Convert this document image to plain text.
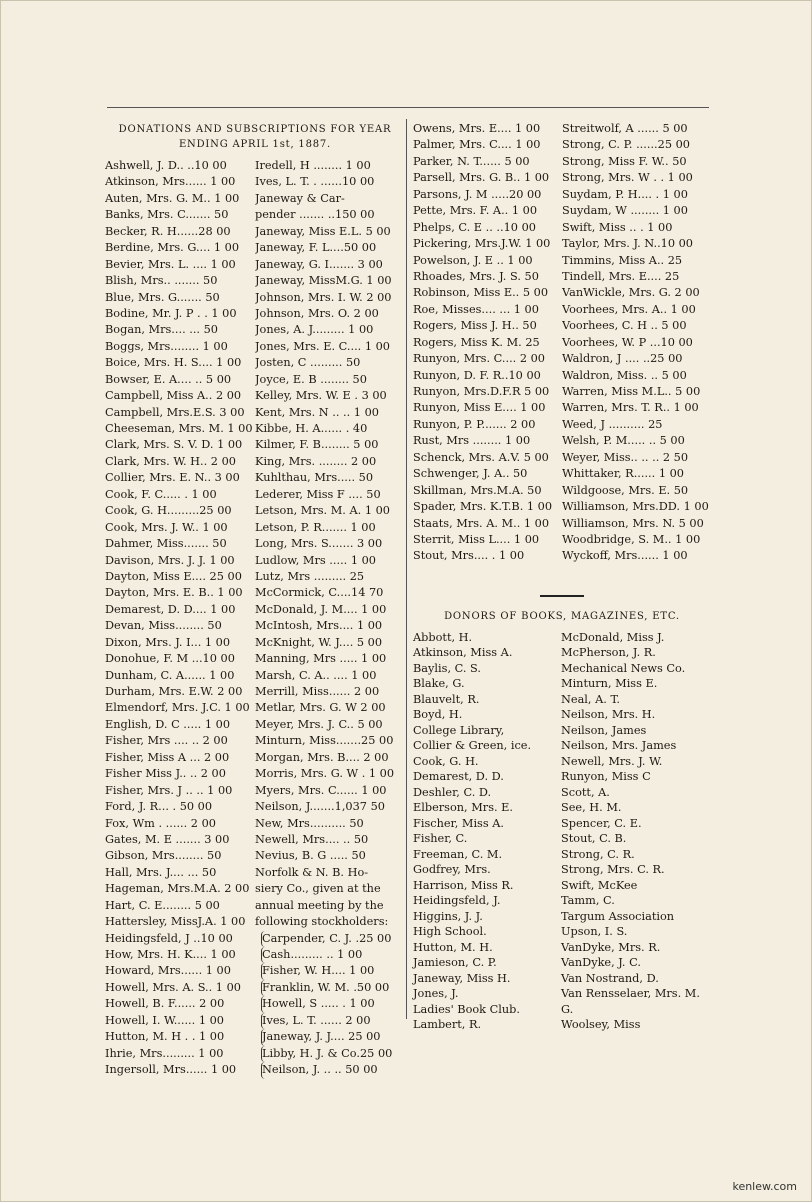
DONATIONS AND SUBSCRIPTIONS FOR YEAR ENDING APRIL 1st, 1887.
Ashwell, J. D.. ..10 00	Iredell, H ........ 1 00
Atkinson, Mrs...... 1 00	Ives, L. T. . ......10 00
Auten, Mrs. G. M.. 1 00	Janeway & Car-
Banks, Mrs. C....... 50	pender ....... ..150 00
Becker, R. H......28 00	Janeway, Miss E.L. 5 00
Berdine, Mrs. G.... 1 00	Janeway, F. L....50 00
Bevier, Mrs. L. .... 1 00	Janeway, G. I....... 3 00
Blish, Mrs.. ....... 50	Janeway, MissM.G. 1 00
Blue, Mrs. G....... 50	Johnson, Mrs. I. W. 2 00
Bodine, Mr. J. P . . 1 00	Johnson, Mrs. O. 2 00
Bogan, Mrs.... ... 50	Jones, A. J......... 1 00
Boggs, Mrs........ 1 00	Jones, Mrs. E. C.... 1 00
Boice, Mrs. H. S.... 1 00	Josten, C ......... 50
Bowser, E. A.... .. 5 00	Joyce, E. B ........ 50
Campbell, Miss A.. 2 00	Kelley, Mrs. W. E . 3 00
Campbell, Mrs.E.S. 3 00 Kent, Mrs. N .. .. 1 00
Cheeseman, Mrs. M. 1 00 Kibbe, H. A...... . 40
Clark, Mrs. S. V. D. 1 00	Kilmer, F. B........ 5 00
Clark, Mrs. W. H.. 2 00	King, Mrs. ........ 2 00
Collier, Mrs. E. N.. 3 00	Kuhlthau, Mrs..... 50
Cook, F. C..... . 1 00	Lederer, Miss F .... 50
Cook, G. H.........25 00	Letson, Mrs. M. A. 1 00
Cook, Mrs. J. W.. 1 00	Letson, P. R....... 1 00
Dahmer, Miss....... 50	Long, Mrs. S....... 3 00
Davison, Mrs. J. J. 1 00	Ludlow, Mrs ..... 1 00
Dayton, Miss E.... 25 00	Lutz, Mrs ......... 25
Dayton, Mrs. E. B.. 1 00	McCormick, C....14 70
Demarest, D. D.... 1 00	McDonald, J. M.... 1 00
Devan, Miss........ 50	McIntosh, Mrs.... 1 00
Dixon, Mrs. J. I... 1 00	McKnight, W. J.... 5 00
Donohue, F. M ...10 00	Manning, Mrs ..... 1 00
Dunham, C. A...... 1 00	Marsh, C. A.. .... 1 00
Durham, Mrs. E.W. 2 00	Merrill, Miss...... 2 00
Elmendorf, Mrs. J.C. 1 00 Metlar, Mrs. G. W 2 00
English, D. C ..... 1 00	Meyer, Mrs. J. C.. 5 00
Fisher, Mrs .... .. 2 00	Minturn, Miss.......25 00
Fisher, Miss A ... 2 00	Morgan, Mrs. B.... 2 00
Fisher Miss J.. .. 2 00	Morris, Mrs. G. W . 1 00
Fisher, Mrs. J .. .. 1 00	Myers, Mrs. C...... 1 00
Ford, J. R... . 50 00	Neilson, J.......1,037 50
Fox, Wm . ...... 2 00	New, Mrs.......... 50
Gates, M. E ....... 3 00	Newell, Mrs.... .. 50
Gibson, Mrs........ 50	Nevius, B. G ..... 50
Hall, Mrs. J.... ... 50	Norfolk & N. B. Ho-
Hageman, Mrs.M.A. 2 00 siery Co., given at the
Hart, C. E........ 5 00	annual meeting by the
Hattersley, MissJ.A. 1 00 following stockholders:
Heidingsfeld, J ..10 00	Carpender, C. J. .25 00
How, Mrs. H. K.... 1 00	Cash......... .. 1 00
Howard, Mrs...... 1 00	Fisher, W. H.... 1 00
Howell, Mrs. A. S.. 1 00	Franklin, W. M. .50 00
Howell, B. F...... 2 00	Howell, S ..... . 1 00
Howell, I. W...... 1 00	Ives, L. T. ...... 2 00
Hutton, M. H . . 1 00	Janeway, J. J.... 25 00
Ihrie, Mrs......... 1 00	Libby, H. J. & Co.25 00
Ingersoll, Mrs...... 1 00	Neilson, J. .. .. 50 00
Owens, Mrs. E.... 1 00	Streitwolf, A ...... 5 00
Palmer, Mrs. C.... 1 00	Strong, C. P. ......25 00
Parker, N. T...... 5 00	Strong, Miss F. W.. 50
Parsell, Mrs. G. B.. 1 00	Strong, Mrs. W . . 1 00
Parsons, J. M .....20 00	Suydam, P. H.... . 1 00
Pette, Mrs. F. A.. 1 00	Suydam, W ........ 1 00
Phelps, C. E .. ..10 00	Swift, Miss .. . 1 00
Pickering, Mrs.J.W. 1 00	Taylor, Mrs. J. N..10 00
Powelson, J. E .. 1 00	Timmins, Miss A.. 25
Rhoades, Mrs. J. S. 50	Tindell, Mrs. E.... 25
Robinson, Miss E.. 5 00	VanWickle, Mrs. G. 2 00
Roe, Misses.... ... 1 00	Voorhees, Mrs. A.. 1 00
Rogers, Miss J. H.. 50	Voorhees, C. H .. 5 00
Rogers, Miss K. M. 25	Voorhees, W. P ...10 00
Runyon, Mrs. C.... 2 00	Waldron, J .... ..25 00
Runyon, D. F. R..10 00	Waldron, Miss. .. 5 00
Runyon, Mrs.D.F.R 5 00	Warren, Miss M.L.. 5 00
Runyon, Miss E.... 1 00	Warren, Mrs. T. R.. 1 00
Runyon, P. P....... 2 00	Weed, J .......... 25
Rust, Mrs ........ 1 00	Welsh, P. M..... .. 5 00
Schenck, Mrs. A.V. 5 00	Weyer, Miss.. .. .. 2 50
Schwenger, J. A.. 50	Whittaker, R...... 1 00
Skillman, Mrs.M.A. 50	Wildgoose, Mrs. E. 50
Spader, Mrs. K.T.B. 1 00 Williamson, Mrs.DD. 1 00
Staats, Mrs. A. M.. 1 00	Williamson, Mrs. N. 5 00
Sterrit, Miss L.... 1 00	Woodbridge, S. M.. 1 00
Stout, Mrs.... . 1 00	Wyckoff, Mrs...... 1 00
DONORS OF BOOKS, MAGAZINES, ETC.
Abbott, H.	McDonald, Miss J.
Atkinson, Miss A.	McPherson, J. R.
Baylis, C. S.	Mechanical News Co.
Blake, G.	Minturn, Miss E.
Blauvelt, R.	Neal, A. T.
Boyd, H.	Neilson, Mrs. H.
College Library,	Neilson, James
Collier & Green, ice.	Neilson, Mrs. James
Cook, G. H.	Newell, Mrs. J. W.
Demarest, D. D.	Runyon, Miss C
Deshler, C. D.	Scott, A.
Elberson, Mrs. E.	See, H. M.
Fischer, Miss A.	Spencer, C. E.
Fisher, C.	Stout, C. B.
Freeman, C. M.	Strong, C. R.
Godfrey, Mrs.	Strong, Mrs. C. R.
Harrison, Miss R.	Swift, McKee
Heidingsfeld, J.	Tamm, C.
Higgins, J. J.	Targum Association
High School.	Upson, I. S.
Hutton, M. H.	VanDyke, Mrs. R.
Jamieson, C. P.	VanDyke, J. C.
Janeway, Miss H.	Van Nostrand, D.
Jones, J.	Van Rensselaer, Mrs. M.
Ladies' Book Club.	G.
Lambert, R.	Woolsey, Miss
kenlew.com
